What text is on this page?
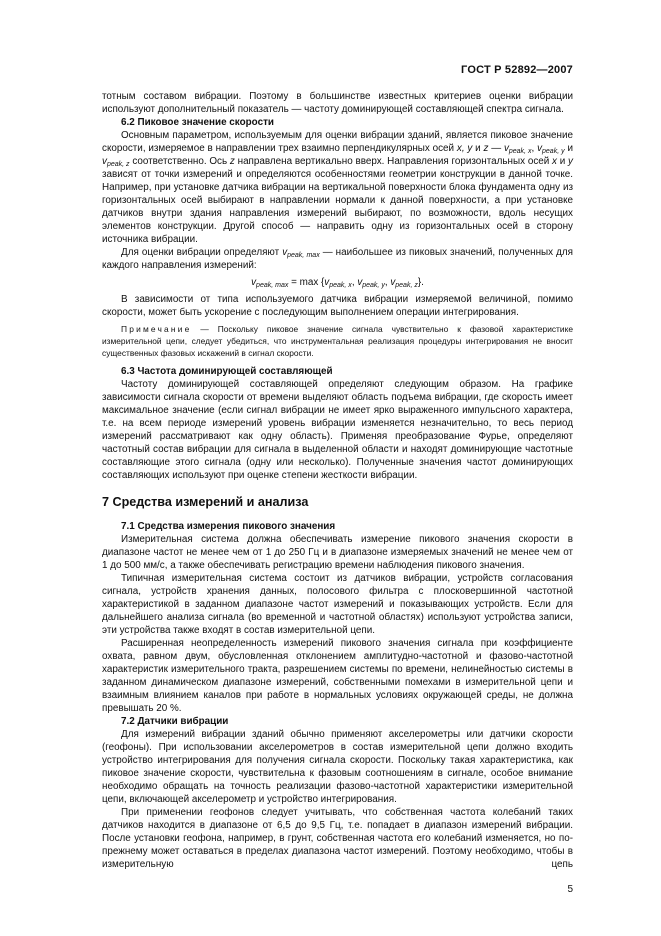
ГОСТ Р 52892—2007
тотным составом вибрации. Поэтому в большинстве известных критериев оценки вибрации используют дополнительный показатель — частоту доминирующей составляющей спектра сигнала.
6.2 Пиковое значение скорости
Основным параметром, используемым для оценки вибрации зданий, является пиковое значение скорости, измеряемое в направлении трех взаимно перпендикулярных осей x, y и z — $v_{peak, x}$, $v_{peak, y}$ и $v_{peak, z}$ соответственно. Ось z направлена вертикально вверх. Направления горизонтальных осей x и y зависят от точки измерений и определяются особенностями геометрии конструкции в данной точке. Например, при установке датчика вибрации на вертикальной поверхности блока фундамента одну из горизонтальных осей выбирают в направлении нормали к данной поверхности, а при установке датчиков внутри здания направления измерений выбирают, по возможности, вдоль несущих элементов конструкции. Другой способ — направить одну из горизонтальных осей в сторону источника вибрации.
Для оценки вибрации определяют $v_{peak, max}$ — наибольшее из пиковых значений, полученных для каждого направления измерений:
$v_{peak, max} = \max \{v_{peak, x}$, $v_{peak, y}$, $v_{peak, z}$}.
В зависимости от типа используемого датчика вибрации измеряемой величиной, помимо скорости, может быть ускорение с последующим выполнением операции интегрирования.
Примечание — Поскольку пиковое значение сигнала чувствительно к фазовой характеристике измерительной цепи, следует убедиться, что инструментальная реализация процедуры интегрирования не вносит существенных фазовых искажений в сигнал скорости.
6.3 Частота доминирующей составляющей
Частоту доминирующей составляющей определяют следующим образом. На графике зависимости сигнала скорости от времени выделяют область подъема вибрации, где скорость имеет максимальное значение (если сигнал вибрации не имеет ярко выраженного импульсного характера, т.е. на всем периоде измерений уровень вибрации изменяется незначительно, то весь период измерений рассматривают как одну область). Применяя преобразование Фурье, определяют частотный состав вибрации для сигнала в выделенной области и находят доминирующие частотные составляющие этого сигнала (одну или несколько). Полученные значения частот доминирующих составляющих используют при оценке степени жесткости вибрации.
7 Средства измерений и анализа
7.1 Средства измерения пикового значения
Измерительная система должна обеспечивать измерение пикового значения скорости в диапазоне частот не менее чем от 1 до 250 Гц и в диапазоне измеряемых значений не менее чем от 1 до 500 мм/с, а также обеспечивать регистрацию времени наблюдения пикового значения.
Типичная измерительная система состоит из датчиков вибрации, устройств согласования сигнала, устройств хранения данных, полосового фильтра с плосковершинной частотной характеристикой в заданном диапазоне частот измерений и показывающих устройств. Если для дальнейшего анализа сигнала (во временной и частотной областях) используют устройства записи, эти устройства также входят в состав измерительной цепи.
Расширенная неопределенность измерений пикового значения сигнала при коэффициенте охвата, равном двум, обусловленная отклонением амплитудно-частотной и фазово-частотной характеристик измерительного тракта, разрешением системы по времени, нелинейностью системы в заданном динамическом диапазоне измерений, собственными помехами в измерительной цепи и взаимным влиянием каналов при работе в нормальных условиях окружающей среды, не должна превышать 20 %.
7.2 Датчики вибрации
Для измерений вибрации зданий обычно применяют акселерометры или датчики скорости (геофоны). При использовании акселерометров в состав измерительной цепи должно входить устройство интегрирования для получения сигнала скорости. Поскольку такая характеристика, как пиковое значение скорости, чувствительна к фазовым соотношениям в сигнале, особое внимание необходимо обращать на точность реализации фазово-частотной характеристики измерительной цепи, включающей акселерометр и устройство интегрирования.
При применении геофонов следует учитывать, что собственная частота колебаний таких датчиков находится в диапазоне от 6,5 до 9,5 Гц, т.е. попадает в диапазон измерений вибрации. После установки геофона, например, в грунт, собственная частота его колебаний изменяется, но по-прежнему может оставаться в пределах диапазона частот измерений. Поэтому необходимо, чтобы в измерительную цепь
5
